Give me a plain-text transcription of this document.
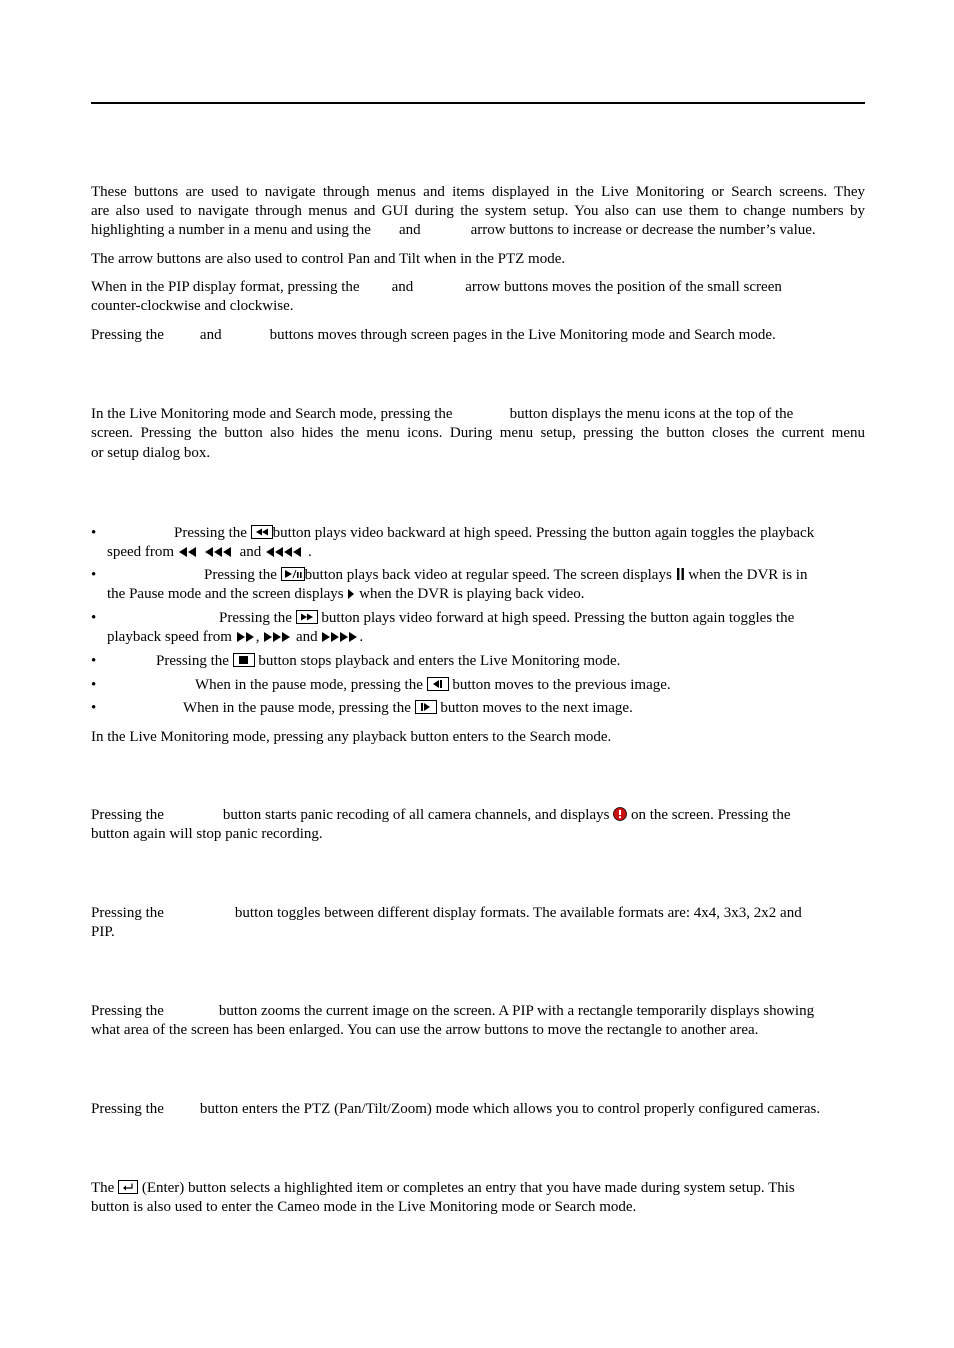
These buttons are used to navigate through menus and items displayed in the Live Monitoring or Search screens. They
are also used to navigate through menus and GUI during the system setup. You also can use them to change numbers by
highlighting a number in a menu and using the and	arrow buttons to increase or decrease the number’s value.
The arrow buttons are also used to control Pan and Tilt when in the PTZ mode.
When in the PIP display format, pressing the and	arrow buttons moves the position of the small screen
counter-clockwise and clockwise.
Pressing the and	buttons moves through screen pages in the Live Monitoring mode and Search mode.
In the Live Monitoring mode and Search mode, pressing the	button displays the menu icons at the top of the
screen. Pressing the button also hides the menu icons. During menu setup, pressing the button closes the current menu
or setup dialog box.
•	Pressing the button plays video backward at high speed. Pressing the button again toggles the playback
speed from	and	.
•	Pressing the button plays back video at regular speed. The screen displays when the DVR is in
the Pause mode and the screen displays when the DVR is playing back video.
•	Pressing the button plays video forward at high speed. Pressing the button again toggles the
playback speed from ,  and	.
•	Pressing the button stops playback and enters the Live Monitoring mode.
•	When in the pause mode, pressing the button moves to the previous image.
•	When in the pause mode, pressing the button moves to the next image.
In the Live Monitoring mode, pressing any playback button enters to the Search mode.
Pressing the	button starts panic recoding of all camera channels, and displays on the screen. Pressing the
button again will stop panic recording.
Pressing the	button toggles between different display formats. The available formats are: 4x4, 3x3, 2x2 and
PIP.
Pressing the	button zooms the current image on the screen. A PIP with a rectangle temporarily displays showing
what area of the screen has been enlarged. You can use the arrow buttons to move the rectangle to another area.
Pressing the button enters the PTZ (Pan/Tilt/Zoom) mode which allows you to control properly configured cameras.
The (Enter) button selects a highlighted item or completes an entry that you have made during system setup. This
button is also used to enter the Cameo mode in the Live Monitoring mode or Search mode.
